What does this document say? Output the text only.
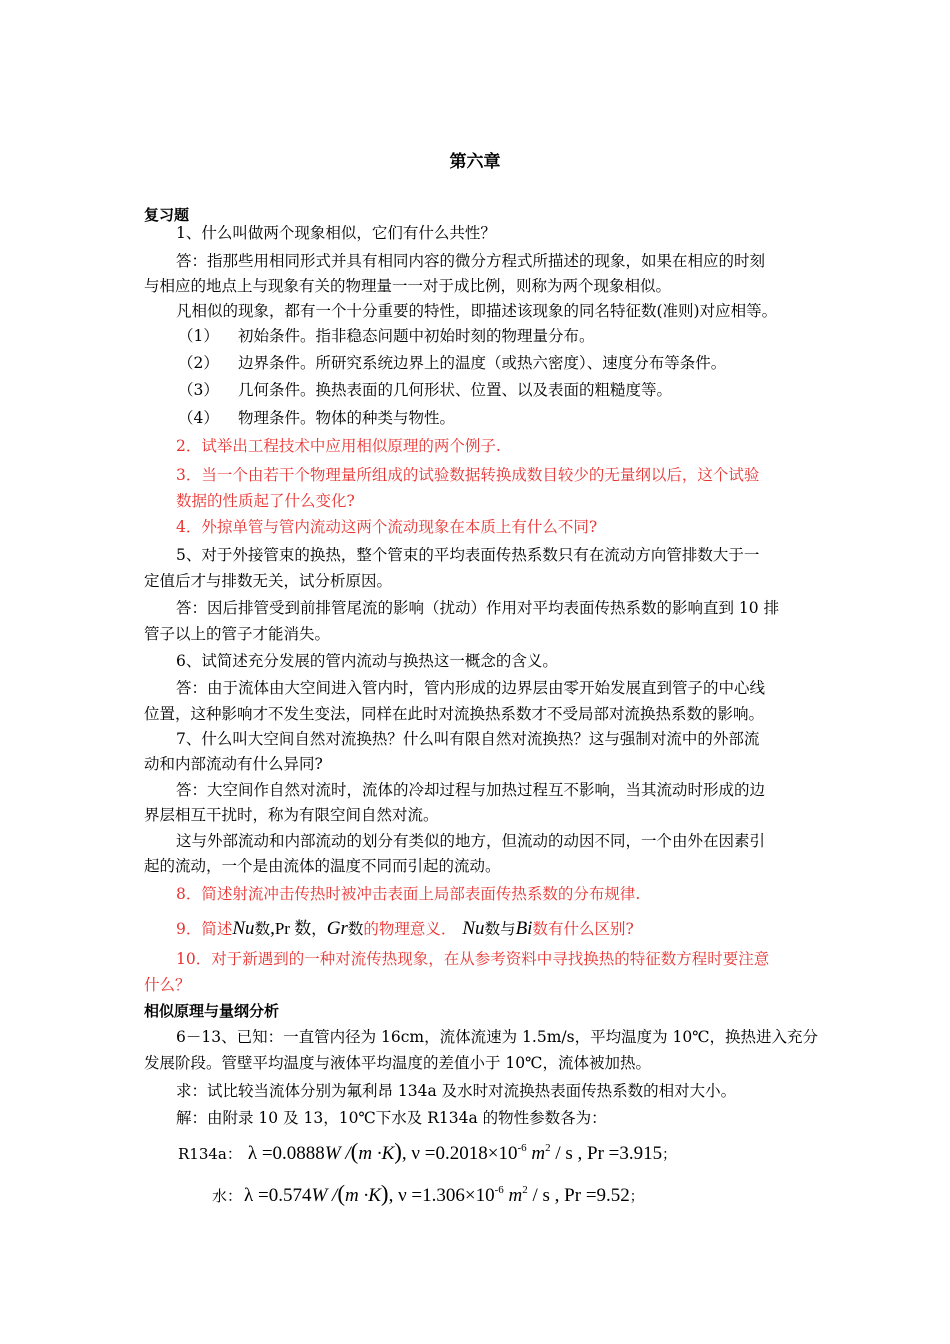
第六章
复习题
1、什么叫做两个现象相似，它们有什么共性？
答：指那些用相同形式并具有相同内容的微分方程式所描述的现象，如果在相应的时刻
与相应的地点上与现象有关的物理量一一对于成比例，则称为两个现象相似。
凡相似的现象，都有一个十分重要的特性，即描述该现象的同名特征数(准则)对应相等。
（1） 初始条件。指非稳态问题中初始时刻的物理量分布。
（2） 边界条件。所研究系统边界上的温度（或热六密度）、速度分布等条件。
（3） 几何条件。换热表面的几何形状、位置、以及表面的粗糙度等。
（4） 物理条件。物体的种类与物性。
2．试举出工程技术中应用相似原理的两个例子.
3．当一个由若干个物理量所组成的试验数据转换成数目较少的无量纲以后，这个试验
数据的性质起了什么变化?
4．外掠单管与管内流动这两个流动现象在本质上有什么不同?
5、对于外接管束的换热，整个管束的平均表面传热系数只有在流动方向管排数大于一
定值后才与排数无关，试分析原因。
答：因后排管受到前排管尾流的影响（扰动）作用对平均表面传热系数的影响直到 10 排
管子以上的管子才能消失。
6、试简述充分发展的管内流动与换热这一概念的含义。
答：由于流体由大空间进入管内时，管内形成的边界层由零开始发展直到管子的中心线
位置，这种影响才不发生变法，同样在此时对流换热系数才不受局部对流换热系数的影响。
7、什么叫大空间自然对流换热？什么叫有限自然对流换热？这与强制对流中的外部流
动和内部流动有什么异同?
答：大空间作自然对流时，流体的冷却过程与加热过程互不影响，当其流动时形成的边
界层相互干扰时，称为有限空间自然对流。
这与外部流动和内部流动的划分有类似的地方，但流动的动因不同，一个由外在因素引
起的流动，一个是由流体的温度不同而引起的流动。
8．简述射流冲击传热时被冲击表面上局部表面传热系数的分布规律.
9．简述Nu数,Pr 数，Gr数的物理意义． Nu数与Bi数有什么区别?
10．对于新遇到的一种对流传热现象，在从参考资料中寻找换热的特征数方程时要注意
什么？
相似原理与量纲分析
6－13、已知：一直管内径为 16cm，流体流速为 1.5m/s，平均温度为 10℃，换热进入充分
发展阶段。管壁平均温度与液体平均温度的差值小于 10℃，流体被加热。
求：试比较当流体分别为氟利昂 134a 及水时对流换热表面传热系数的相对大小。
解：由附录 10 及 13，10℃下水及 R134a 的物性参数各为：
R134a： λ =0.0888W /(m ·K), $\nu =0.2018\times 10^{-6}$ $m^2$ / s , Pr =3.915；
水： λ =0.574W /(m ·K), $\nu =1.306\times 10^{-6}$ $m^2$ / s , Pr =9.52；
